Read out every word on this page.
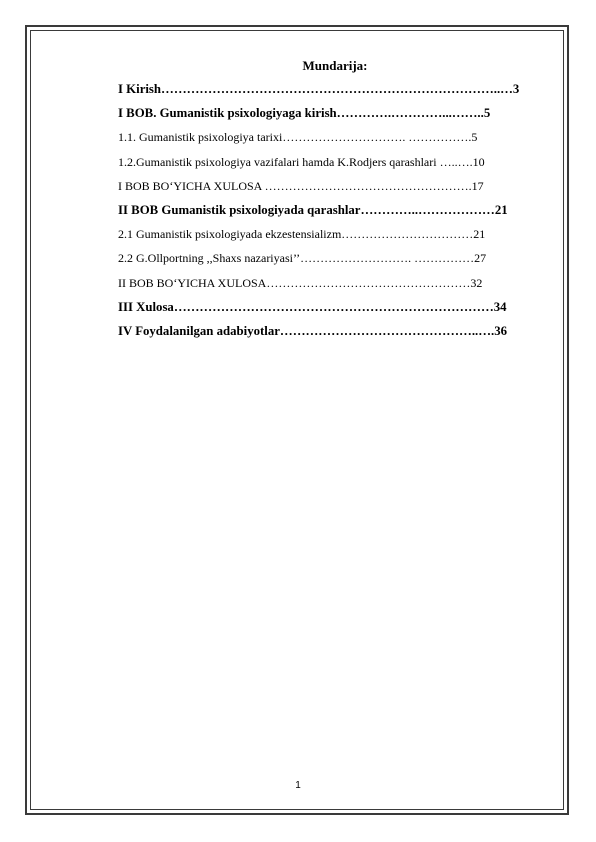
Mundarija:
I Kirish……………………………………………………………………..…3
I BOB. Gumanistik psixologiyaga kirish………….…………...……..5
1.1. Gumanistik psixologiya tarixi…………………………. …………….5
1.2.Gumanistik psixologiya vazifalari hamda K.Rodjers qarashlari …..….10
I BOB BO‘YICHA XULOSA …………………………………………….17
II BOB Gumanistik psixologiyada qarashlar…………..………………21
2.1 Gumanistik psixologiyada ekzestensializm……………………………21
2.2 G.Ollportning ,,Shaxs nazariyasi’’………………………. ……………27
II BOB BO‘YICHA XULOSA……………………………………………32
III Xulosa…………………………………………………………………34
IV Foydalanilgan adabiyotlar………………………………………..….36
1
